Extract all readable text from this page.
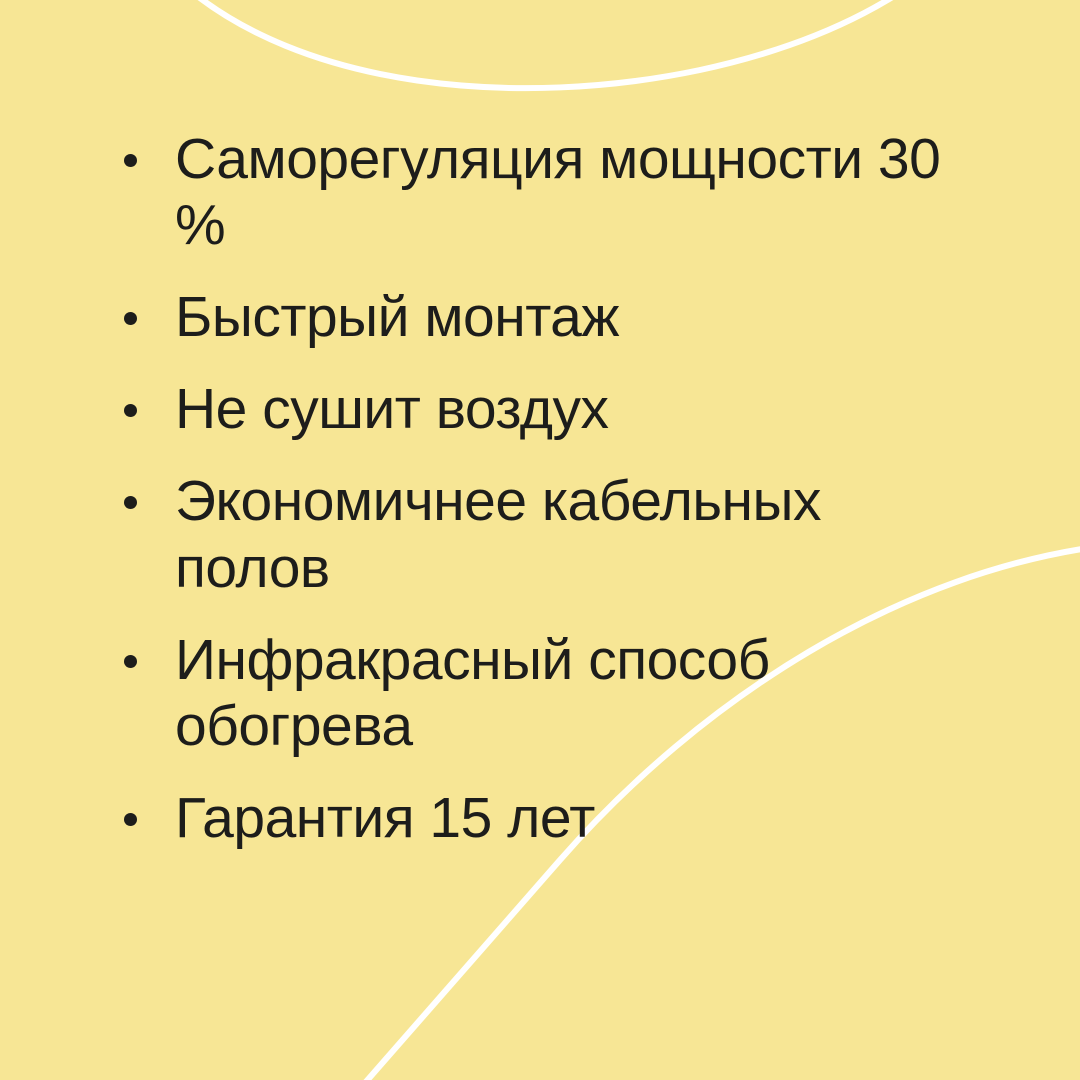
Саморегуляция мощности 30 %
Быстрый монтаж
Не сушит воздух
Экономичнее кабельных полов
Инфракрасный способ обогрева
Гарантия 15 лет
